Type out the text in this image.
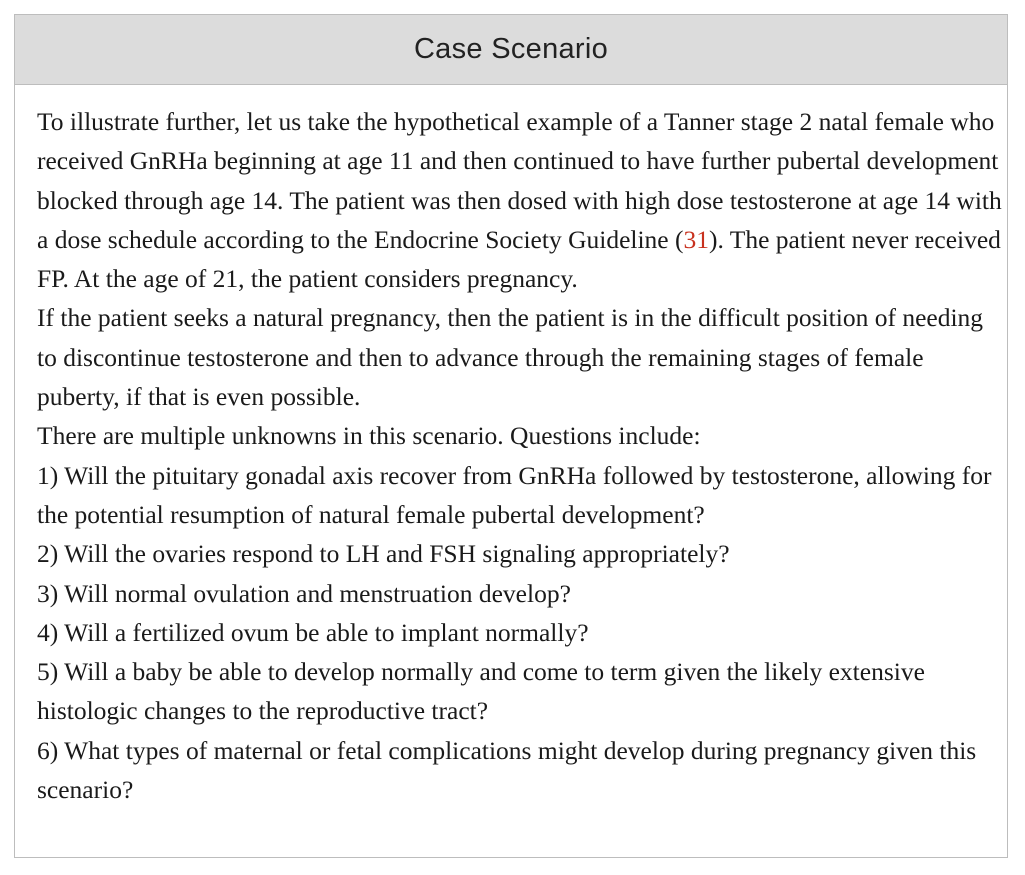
Case Scenario

To illustrate further, let us take the hypothetical example of a Tanner stage 2 natal female who received GnRHa beginning at age 11 and then continued to have further pubertal development blocked through age 14. The patient was then dosed with high dose testosterone at age 14 with a dose schedule according to the Endocrine Society Guideline (31). The patient never received FP. At the age of 21, the patient considers pregnancy.

If the patient seeks a natural pregnancy, then the patient is in the difficult position of needing to discontinue testosterone and then to advance through the remaining stages of female puberty, if that is even possible.

There are multiple unknowns in this scenario. Questions include:

1) Will the pituitary gonadal axis recover from GnRHa followed by testosterone, allowing for the potential resumption of natural female pubertal development?

2) Will the ovaries respond to LH and FSH signaling appropriately?

3) Will normal ovulation and menstruation develop?

4) Will a fertilized ovum be able to implant normally?

5) Will a baby be able to develop normally and come to term given the likely extensive histologic changes to the reproductive tract?

6) What types of maternal or fetal complications might develop during pregnancy given this scenario?
